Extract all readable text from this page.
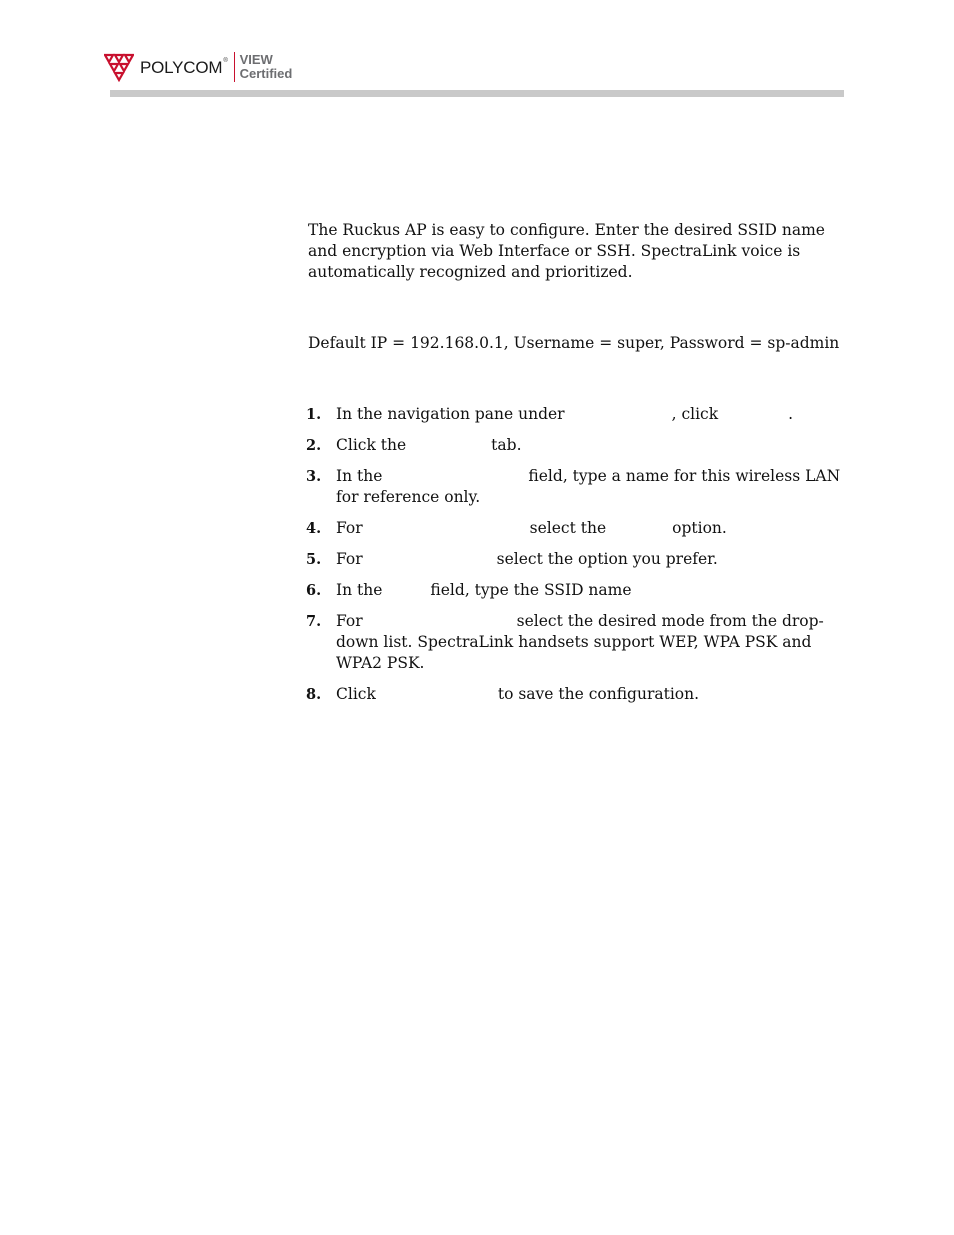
POLYCOM® VIEW
Certified

The Ruckus AP is easy to configure. Enter the desired SSID name and encryption via Web Interface or SSH. SpectraLink voice is automatically recognized and prioritized.

Default IP = 192.168.0.1, Username = super, Password = sp-admin

1. In the navigation pane under	, click	.
2. Click the	tab.
3. In the	field, type a name for this wireless LAN for reference only.
4. For	select the	option.
5. For	select the option you prefer.
6. In the	field, type the SSID name
7. For	select the desired mode from the drop-down list. SpectraLink handsets support WEP, WPA PSK and WPA2 PSK.
8. Click	to save the configuration.
